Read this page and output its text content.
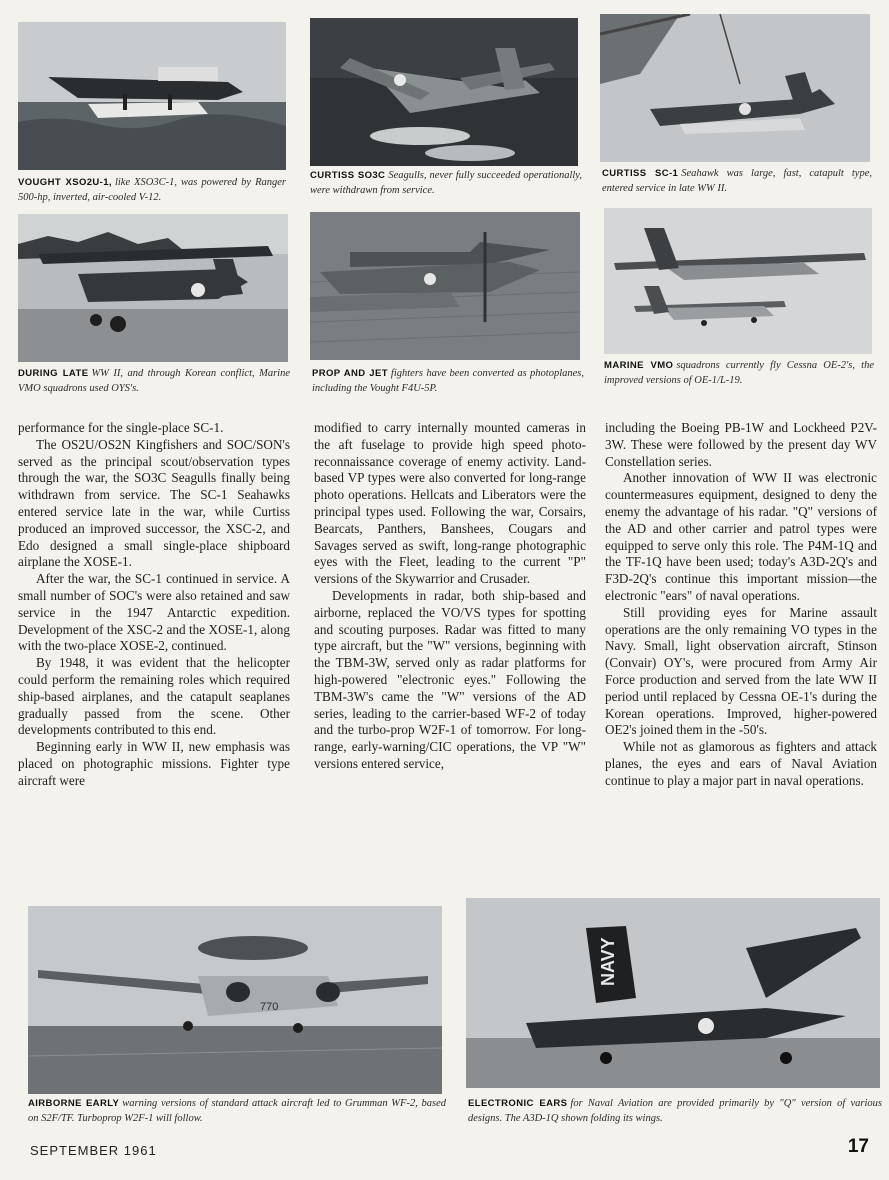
VOUGHT XSO2U-1, like XSO3C-1, was powered by Ranger 500-hp, inverted, air-cooled V-12.
CURTISS SO3C Seagulls, never fully succeeded operationally, were withdrawn from service.
CURTISS SC-1 Seahawk was large, fast, catapult type, entered service in late WW II.
DURING LATE WW II, and through Korean conflict, Marine VMO squadrons used OYS's.
PROP AND JET fighters have been converted as photoplanes, including the Vought F4U-5P.
MARINE VMO squadrons currently fly Cessna OE-2's, the improved versions of OE-1/L-19.

performance for the single-place SC-1.

The OS2U/OS2N Kingfishers and SOC/SON's served as the principal scout/observation types through the war, the SO3C Seagulls finally being withdrawn from service. The SC-1 Seahawks entered service late in the war, while Curtiss produced an improved successor, the XSC-2, and Edo designed a small single-place shipboard airplane the XOSE-1.

After the war, the SC-1 continued in service. A small number of SOC's were also retained and saw service in the 1947 Antarctic expedition. Development of the XSC-2 and the XOSE-1, along with the two-place XOSE-2, continued.

By 1948, it was evident that the helicopter could perform the remaining roles which required ship-based airplanes, and the catapult seaplanes gradually passed from the scene. Other developments contributed to this end.

Beginning early in WW II, new emphasis was placed on photographic missions. Fighter type aircraft were

modified to carry internally mounted cameras in the aft fuselage to provide high speed photo-reconnaissance coverage of enemy activity. Land-based VP types were also converted for long-range photo operations. Hellcats and Liberators were the principal types used. Following the war, Corsairs, Bearcats, Panthers, Banshees, Cougars and Savages served as swift, long-range photographic eyes with the Fleet, leading to the current "P" versions of the Skywarrior and Crusader.

Developments in radar, both ship-based and airborne, replaced the VO/VS types for spotting and scouting purposes. Radar was fitted to many type aircraft, but the "W" versions, beginning with the TBM-3W, served only as radar platforms for high-powered "electronic eyes." Following the TBM-3W's came the "W" versions of the AD series, leading to the carrier-based WF-2 of today and the turbo-prop W2F-1 of tomorrow. For long-range, early-warning/CIC operations, the VP "W" versions entered service,

including the Boeing PB-1W and Lockheed P2V-3W. These were followed by the present day WV Constellation series.

Another innovation of WW II was electronic countermeasures equipment, designed to deny the enemy the advantage of his radar. "Q" versions of the AD and other carrier and patrol types were equipped to serve only this role. The P4M-1Q and the TF-1Q have been used; today's A3D-2Q's and F3D-2Q's continue this important mission—the electronic "ears" of naval operations.

Still providing eyes for Marine assault operations are the only remaining VO types in the Navy. Small, light observation aircraft, Stinson (Convair) OY's, were procured from Army Air Force production and served from the late WW II period until replaced by Cessna OE-1's during the Korean operations. Improved, higher-powered OE2's joined them in the -50's.

While not as glamorous as fighters and attack planes, the eyes and ears of Naval Aviation continue to play a major part in naval operations.

770
AIRBORNE EARLY warning versions of standard attack aircraft led to Grumman WF-2, based on S2F/TF. Turboprop W2F-1 will follow.
NAVY
ELECTRONIC EARS for Naval Aviation are provided primarily by "Q" version of various designs. The A3D-1Q shown folding its wings.
SEPTEMBER 1961	17
